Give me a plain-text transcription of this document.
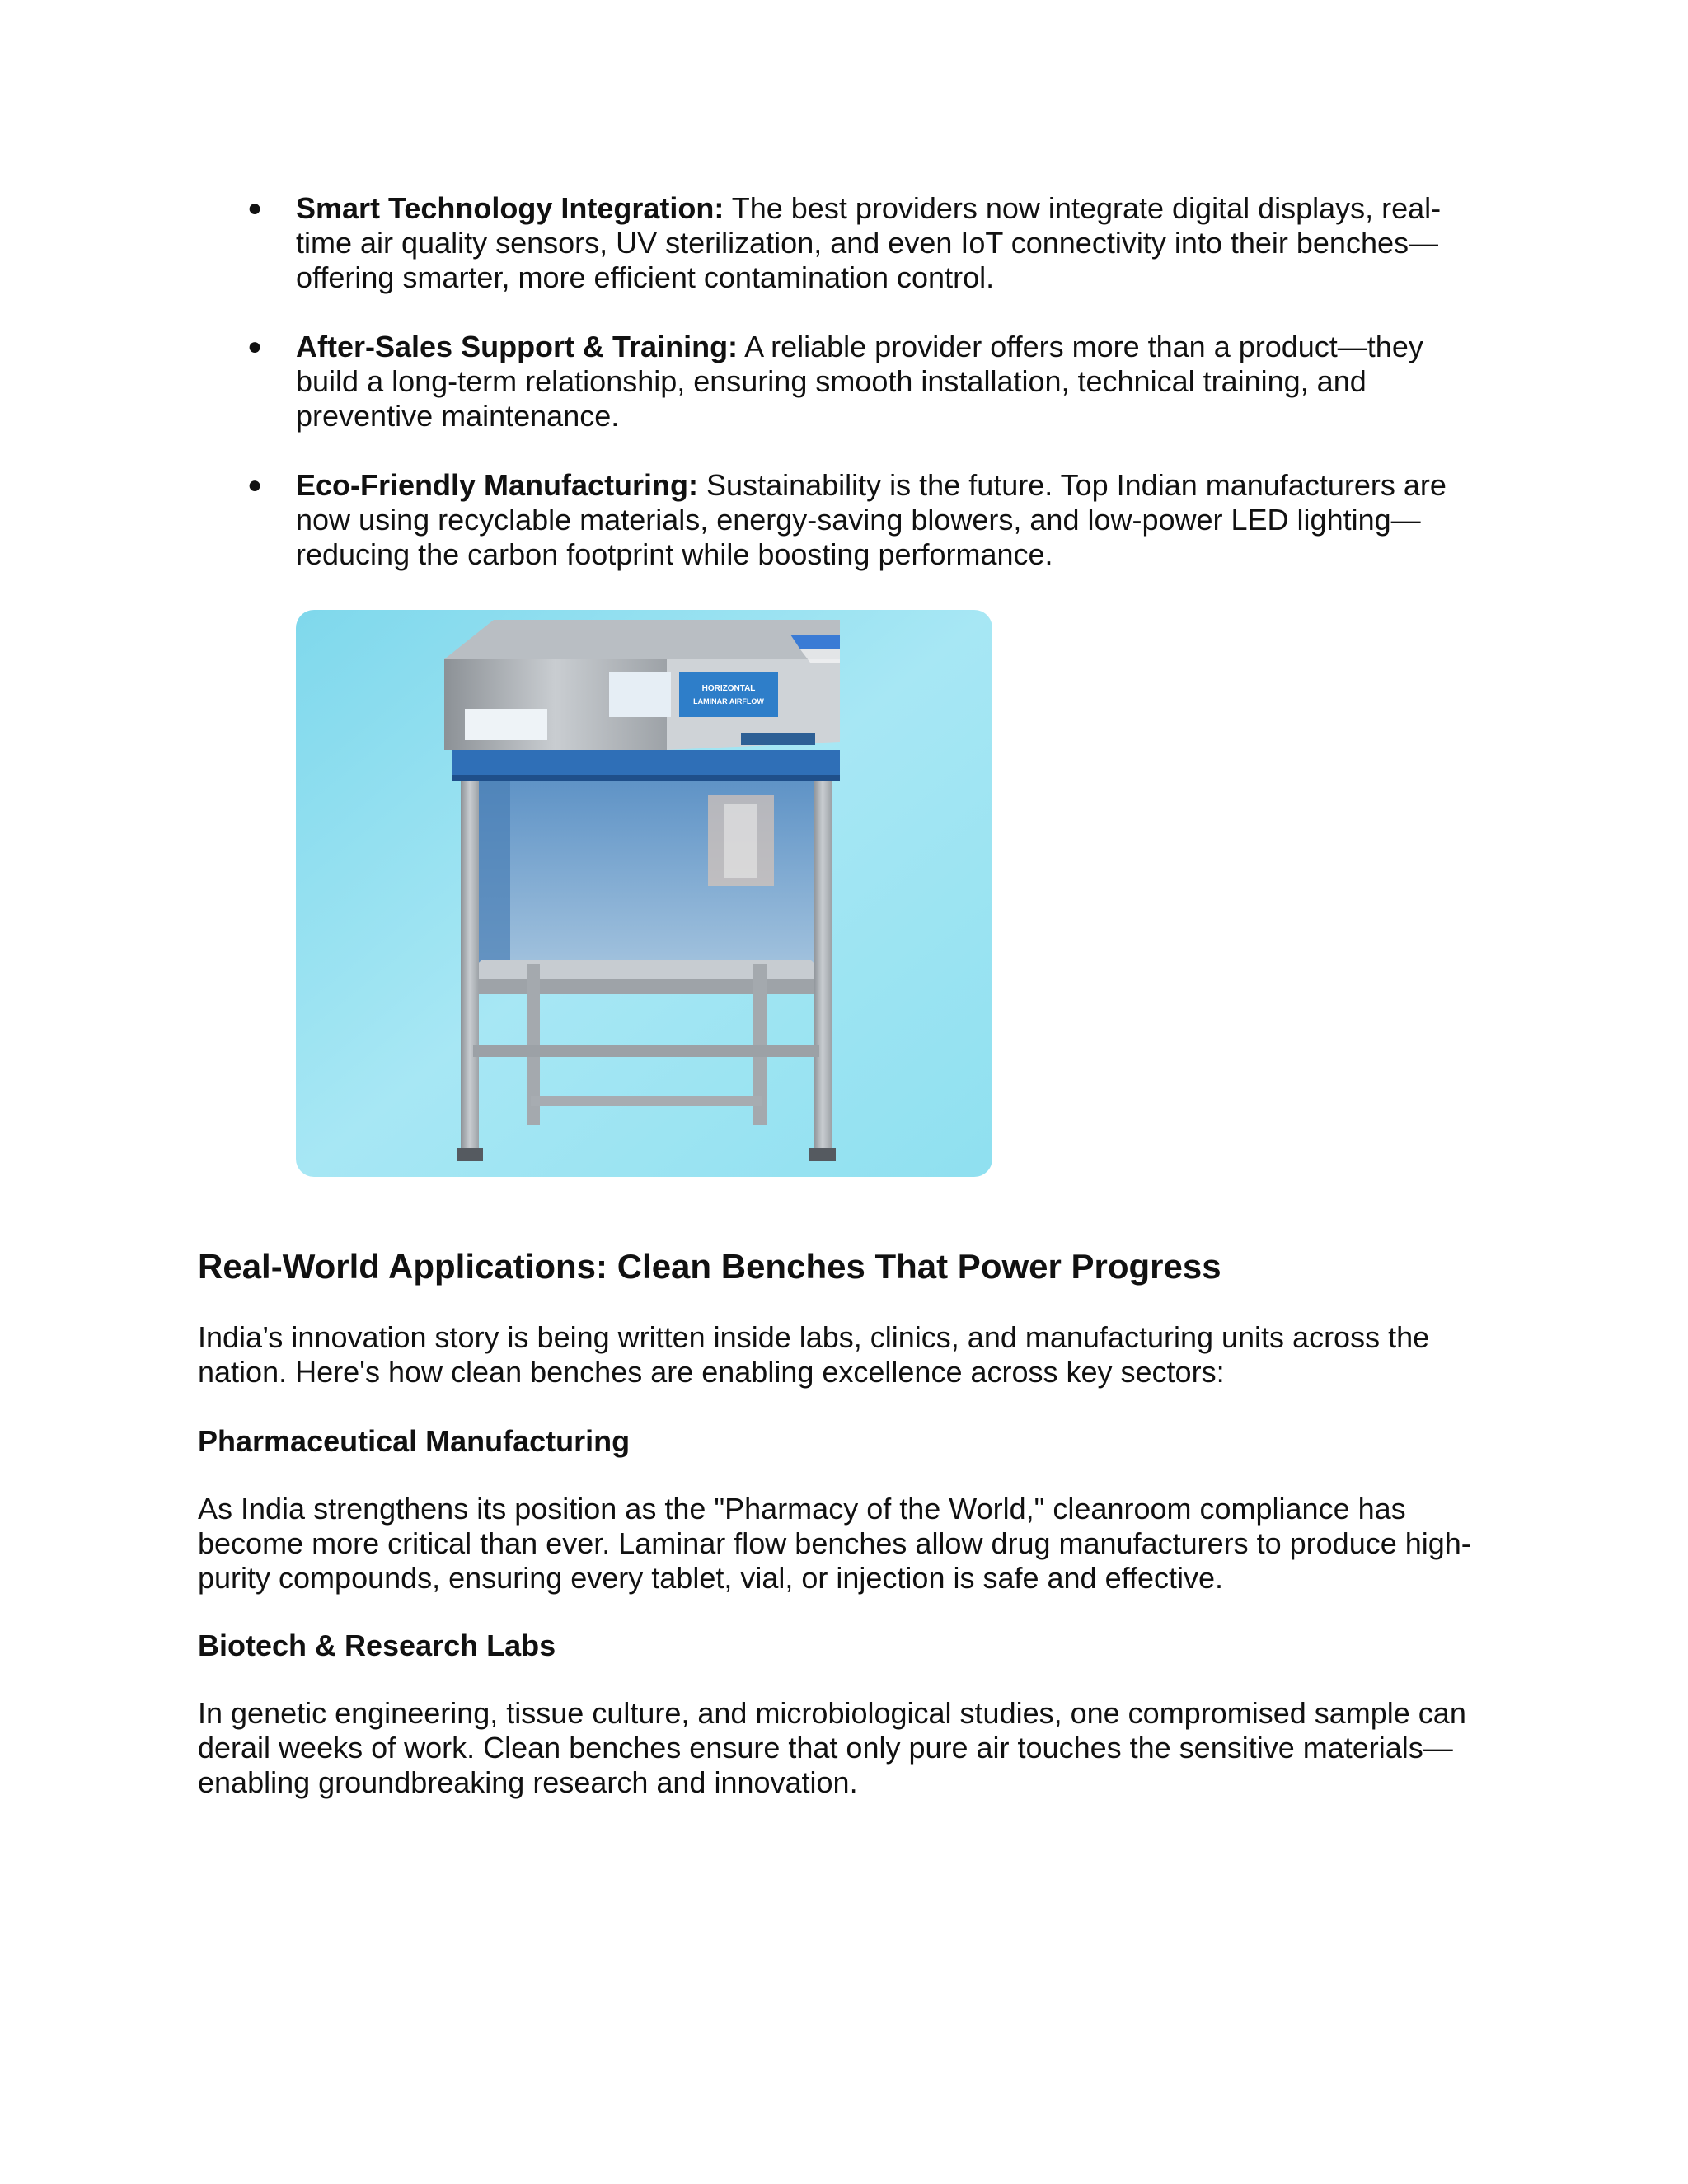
● Smart Technology Integration: The best providers now integrate digital displays, real-time air quality sensors, UV sterilization, and even IoT connectivity into their benches—offering smarter, more efficient contamination control.
● After-Sales Support & Training: A reliable provider offers more than a product—they build a long-term relationship, ensuring smooth installation, technical training, and preventive maintenance.
● Eco-Friendly Manufacturing: Sustainability is the future. Top Indian manufacturers are now using recyclable materials, energy-saving blowers, and low-power LED lighting—reducing the carbon footprint while boosting performance.
HORIZONTAL
LAMINAR AIRFLOW
Real-World Applications: Clean Benches That Power Progress

India’s innovation story is being written inside labs, clinics, and manufacturing units across the nation. Here's how clean benches are enabling excellence across key sectors:

Pharmaceutical Manufacturing

As India strengthens its position as the "Pharmacy of the World," cleanroom compliance has become more critical than ever. Laminar flow benches allow drug manufacturers to produce high-purity compounds, ensuring every tablet, vial, or injection is safe and effective.

Biotech & Research Labs

In genetic engineering, tissue culture, and microbiological studies, one compromised sample can derail weeks of work. Clean benches ensure that only pure air touches the sensitive materials—enabling groundbreaking research and innovation.
